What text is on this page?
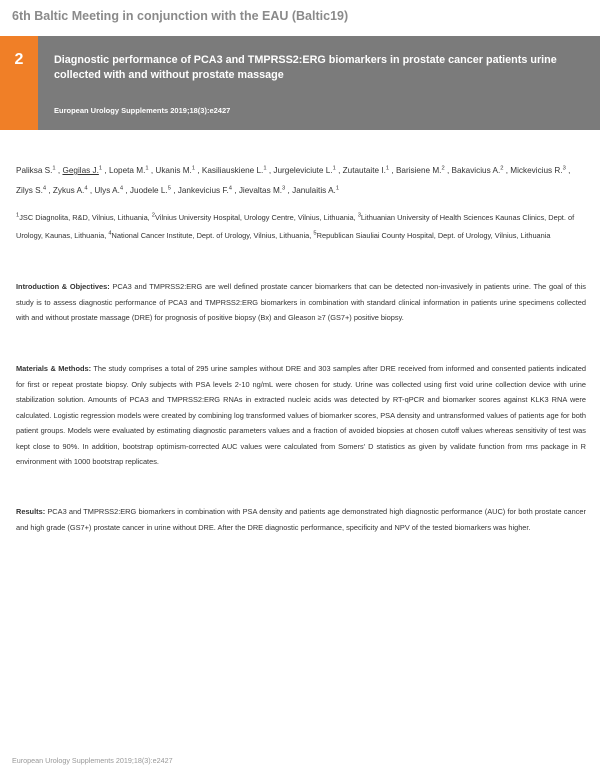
6th Baltic Meeting in conjunction with the EAU (Baltic19)
2	Diagnostic performance of PCA3 and TMPRSS2:ERG biomarkers in prostate cancer patients urine collected with and without prostate massage
European Urology Supplements 2019;18(3):e2427
Paliksa S.$^1$ , Gegilas J.$^1$ , Lopeta M.$^1$ , Ukanis M.$^1$ , Kasiliauskiene L.$^1$ , Jurgeleviciute L.$^1$ , Zutautaite I.$^1$ , Barisiene M.$^2$ , Bakavicius A.$^2$ , Mickevicius R.$^3$ , Zilys S.$^4$ , Zykus A.$^4$ , Ulys A.$^4$ , Juodele L.$^5$ , Jankevicius F.$^4$ , Jievaltas M.$^3$ , Janulaitis A.$^1$
$^1$JSC Diagnolita, R&D, Vilnius, Lithuania, $^2$Vilnius University Hospital, Urology Centre, Vilnius, Lithuania, $^3$Lithuanian University of Health Sciences Kaunas Clinics, Dept. of Urology, Kaunas, Lithuania, $^4$National Cancer Institute, Dept. of Urology, Vilnius, Lithuania, $^5$Republican Siauliai County Hospital, Dept. of Urology, Vilnius, Lithuania
Introduction & Objectives: PCA3 and TMPRSS2:ERG are well defined prostate cancer biomarkers that can be detected non-invasively in patients urine. The goal of this study is to assess diagnostic performance of PCA3 and TMPRSS2:ERG biomarkers in combination with standard clinical information in patients urine specimens collected with and without prostate massage (DRE) for prognosis of positive biopsy (Bx) and Gleason ≥7 (GS7+) positive biopsy.
Materials & Methods: The study comprises a total of 295 urine samples without DRE and 303 samples after DRE received from informed and consented patients indicated for first or repeat prostate biopsy. Only subjects with PSA levels 2-10 ng/mL were chosen for study. Urine was collected using first void urine collection device with urine stabilization solution. Amounts of PCA3 and TMPRSS2:ERG RNAs in extracted nucleic acids was detected by RT-qPCR and biomarker scores against KLK3 RNA were calculated. Logistic regression models were created by combining log transformed values of biomarker scores, PSA density and untransformed values of patients age for both patient groups. Models were evaluated by estimating diagnostic parameters values and a fraction of avoided biopsies at chosen cutoff values whereas sensitivity of test was kept close to 90%. In addition, bootstrap optimism-corrected AUC values were calculated from Somers' D statistics as given by validate function from rms package in R environment with 1000 bootstrap replicates.
Results: PCA3 and TMPRSS2:ERG biomarkers in combination with PSA density and patients age demonstrated high diagnostic performance (AUC) for both prostate cancer and high grade (GS7+) prostate cancer in urine without DRE. After the DRE diagnostic performance, specificity and NPV of the tested biomarkers was higher.
European Urology Supplements 2019;18(3):e2427
